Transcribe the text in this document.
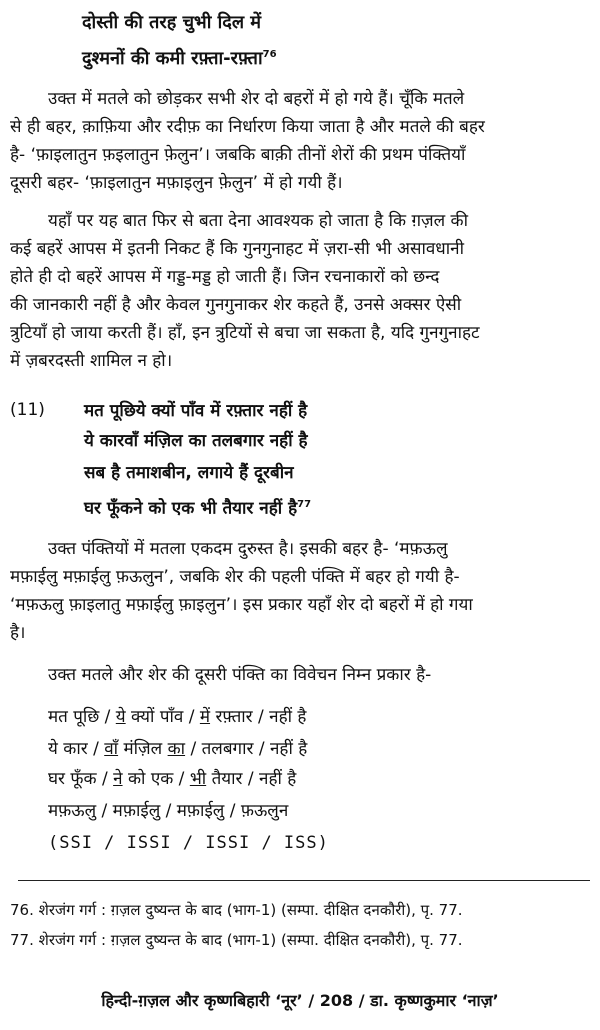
दोस्ती की तरह चुभी दिल में
दुश्मनों की कमी रफ़्ता-रफ़्ता$^{76}$
उक्त में मतले को छोड़कर सभी शेर दो बहरों में हो गये हैं। चूँकि मतले
से ही बहर, क़ाफ़िया और रदीफ़ का निर्धारण किया जाता है और मतले की बहर
है- ‘फ़ाइलातुन फ़इलातुन फ़ेलुन’। जबकि बाक़ी तीनों शेरों की प्रथम पंक्तियाँ
दूसरी बहर- ‘फ़ाइलातुन मफ़ाइलुन फ़ेलुन’ में हो गयी हैं।
यहाँ पर यह बात फिर से बता देना आवश्यक हो जाता है कि ग़ज़ल की
कई बहरें आपस में इतनी निकट हैं कि गुनगुनाहट में ज़रा-सी भी असावधानी
होते ही दो बहरें आपस में गड्ड-मड्ड हो जाती हैं। जिन रचनाकारों को छन्द
की जानकारी नहीं है और केवल गुनगुनाकर शेर कहते हैं, उनसे अक्सर ऐसी
त्रुटियाँ हो जाया करती हैं। हाँ, इन त्रुटियों से बचा जा सकता है, यदि गुनगुनाहट
में ज़बरदस्ती शामिल न हो।
(11) मत पूछिये क्यों पाँव में रफ़्तार नहीं है
ये कारवाँ मंज़िल का तलबगार नहीं है
सब है तमाशबीन, लगाये हैं दूरबीन
घर फूँकने को एक भी तैयार नहीं है$^{77}$
उक्त पंक्तियों में मतला एकदम दुरुस्त है। इसकी बहर है- ‘मफ़ऊलु
मफ़ाईलु मफ़ाईलु फ़ऊलुन’, जबकि शेर की पहली पंक्ति में बहर हो गयी है-
‘मफ़ऊलु फ़ाइलातु मफ़ाईलु फ़ाइलुन’। इस प्रकार यहाँ शेर दो बहरों में हो गया
है।
उक्त मतले और शेर की दूसरी पंक्ति का विवेचन निम्न प्रकार है-
मत पूछि / ये क्यों पाँव / में रफ़्तार / नहीं है
ये कार / वाँ मंज़िल का / तलबगार / नहीं है
घर फूँक / ने को एक / भी तैयार / नहीं है
मफ़ऊलु / मफ़ाईलु / मफ़ाईलु / फ़ऊलुन
(SSI / ISSI / ISSI / ISS)
76. शेरजंग गर्ग : ग़ज़ल दुष्यन्त के बाद (भाग-1) (सम्पा. दीक्षित दनकौरी), पृ. 77.
77. शेरजंग गर्ग : ग़ज़ल दुष्यन्त के बाद (भाग-1) (सम्पा. दीक्षित दनकौरी), पृ. 77.
हिन्दी-ग़ज़ल और कृष्णबिहारी ‘नूर’ / 208 / डा. कृष्णकुमार ‘नाज़’
